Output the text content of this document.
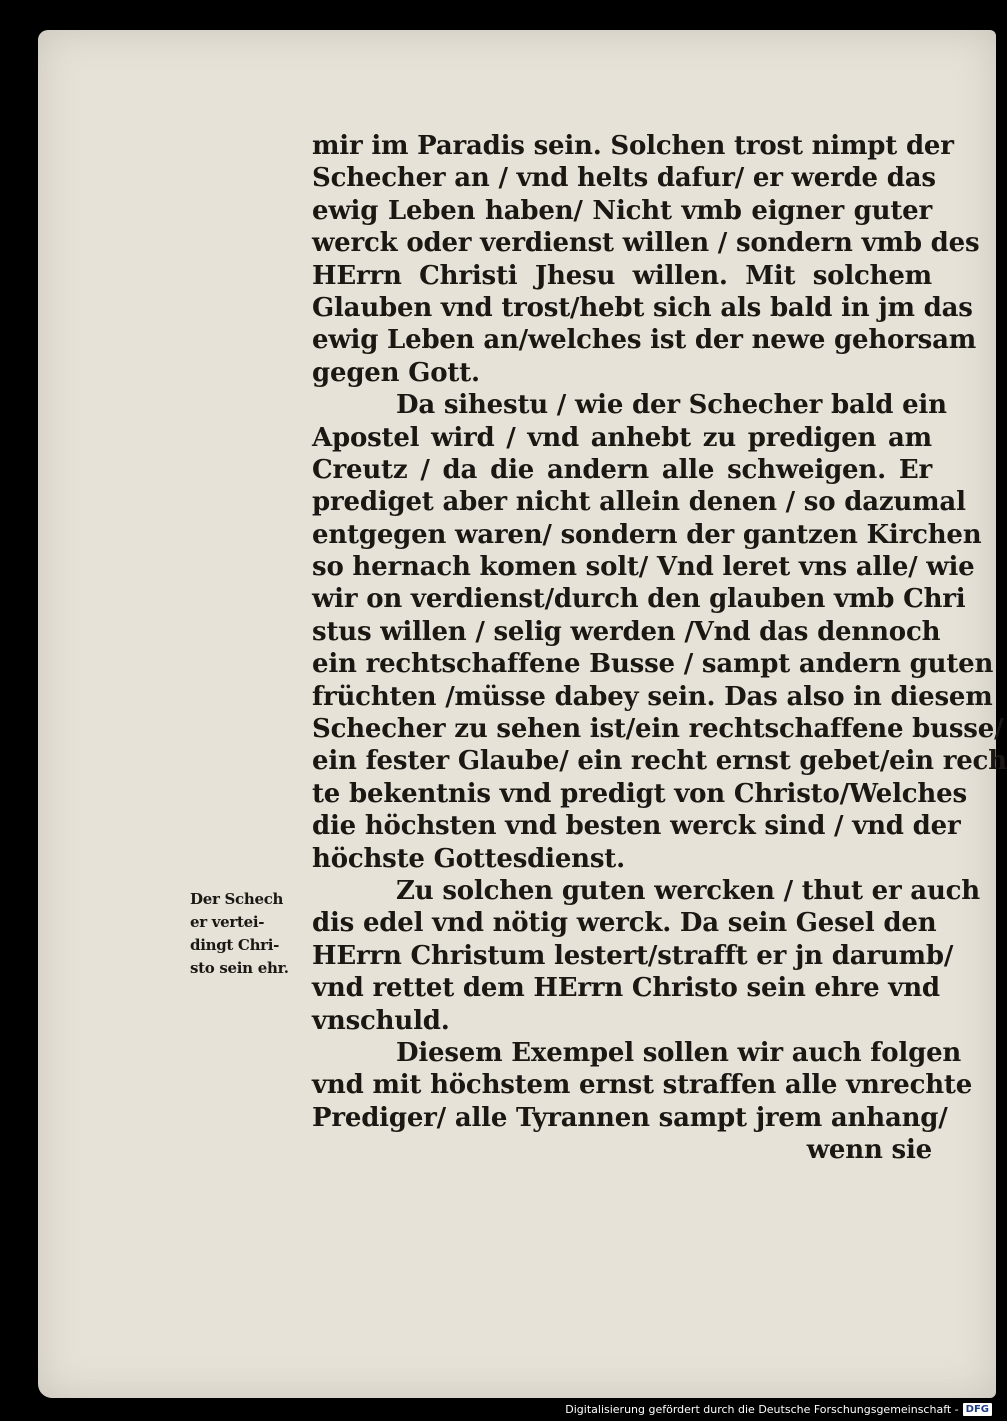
mir im Paradis sein. Solchen trost nimpt der
Schecher an / vnd helts dafur/ er werde das
ewig Leben haben/ Nicht vmb eigner guter
werck oder verdienst willen / sondern vmb des
HErrn Christi Jhesu willen. Mit solchem
Glauben vnd trost/hebt sich als bald in jm das
ewig Leben an/welches ist der newe gehorsam
gegen Gott.
Da sihestu / wie der Schecher bald ein
Apostel wird / vnd anhebt zu predigen am
Creutz / da die andern alle schweigen. Er
prediget aber nicht allein denen / so dazumal
entgegen waren/ sondern der gantzen Kirchen
so hernach komen solt/ Vnd leret vns alle/ wie
wir on verdienst/durch den glauben vmb Chri
stus willen / selig werden /Vnd das dennoch
ein rechtschaffene Busse / sampt andern guten
früchten /müsse dabey sein. Das also in diesem
Schecher zu sehen ist/ein rechtschaffene busse/
ein fester Glaube/ ein recht ernst gebet/ein rech
te bekentnis vnd predigt von Christo/Welches
die höchsten vnd besten werck sind / vnd der
höchste Gottesdienst.
Zu solchen guten wercken / thut er auch
dis edel vnd nötig werck. Da sein Gesel den
HErrn Christum lestert/strafft er jn darumb/
vnd rettet dem HErrn Christo sein ehre vnd
vnschuld.
Diesem Exempel sollen wir auch folgen
vnd mit höchstem ernst straffen alle vnrechte
Prediger/ alle Tyrannen sampt jrem anhang/
wenn sie
Der Schech
er vertei-
dingt Chri-
sto sein ehr.
Digitalisierung gefördert durch die Deutsche Forschungsgemeinschaft - DFG
